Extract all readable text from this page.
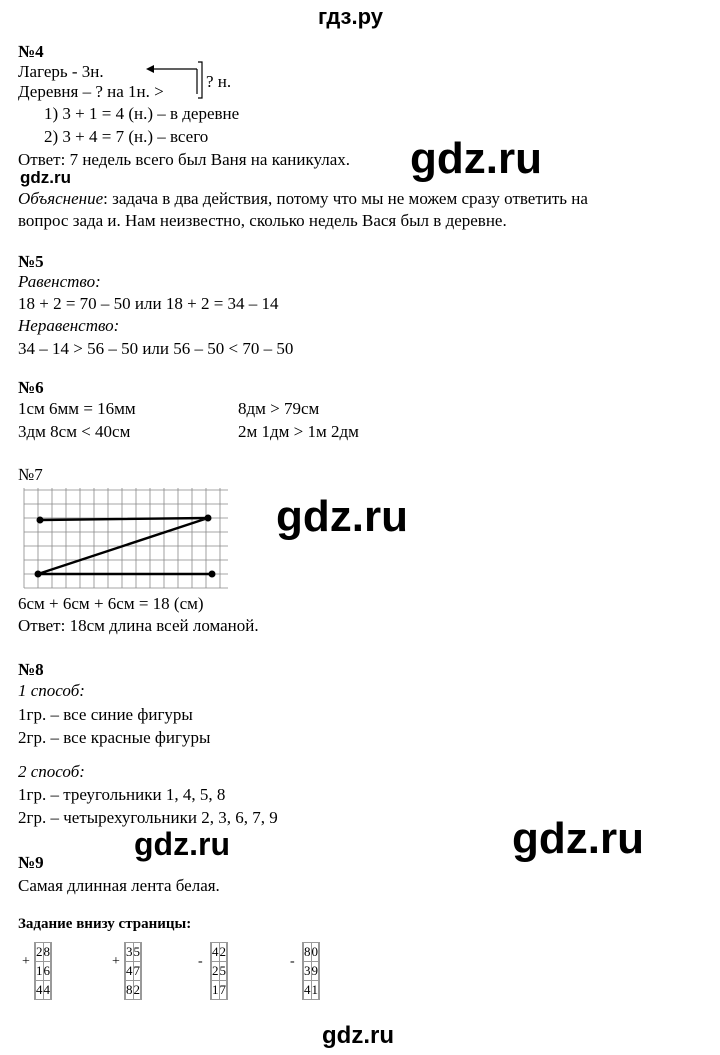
гдз.ру
№4
Лагерь - 3н.
? н.
Деревня – ? на 1н. >
1) 3 + 1 = 4 (н.) – в деревне
2) 3 + 4 = 7 (н.) – всего
Ответ: 7 недель всего был Ваня на каникулах. gdz.ru
gdz.ru
Объяснение: задача в два действия, потому что мы не можем сразу ответить на
вопрос зада и. Нам неизвестно, сколько недель Вася был в деревне.
№5
Равенство:
18 + 2 = 70 – 50 или 18 + 2 = 34 – 14
Неравенство:
34 – 14 > 56 – 50 или 56 – 50 < 70 – 50
№6
1см 6мм = 16мм	8дм > 79см
3дм 8см < 40см	2м 1дм > 1м 2дм
№7
gdz.ru
6см + 6см + 6см = 18 (см)
Ответ: 18см длина всей ломаной.
№8
1 способ:
1гр. – все синие фигуры
2гр. – все красные фигуры
2 способ:
1гр. – треугольники 1, 4, 5, 8
2гр. – четырехугольники 2, 3, 6, 7, 9	gdz.ru
gdz.ru
№9
Самая длинная лента белая.
Задание внизу страницы:
+
	2	8	
	1	6	
	4	4	
+
	3	5	
	4	7	
	8	2	
-
	4	2	
	2	5	
	1	7	
-
	8	0	
	3	9	
	4	1	
gdz.ru
